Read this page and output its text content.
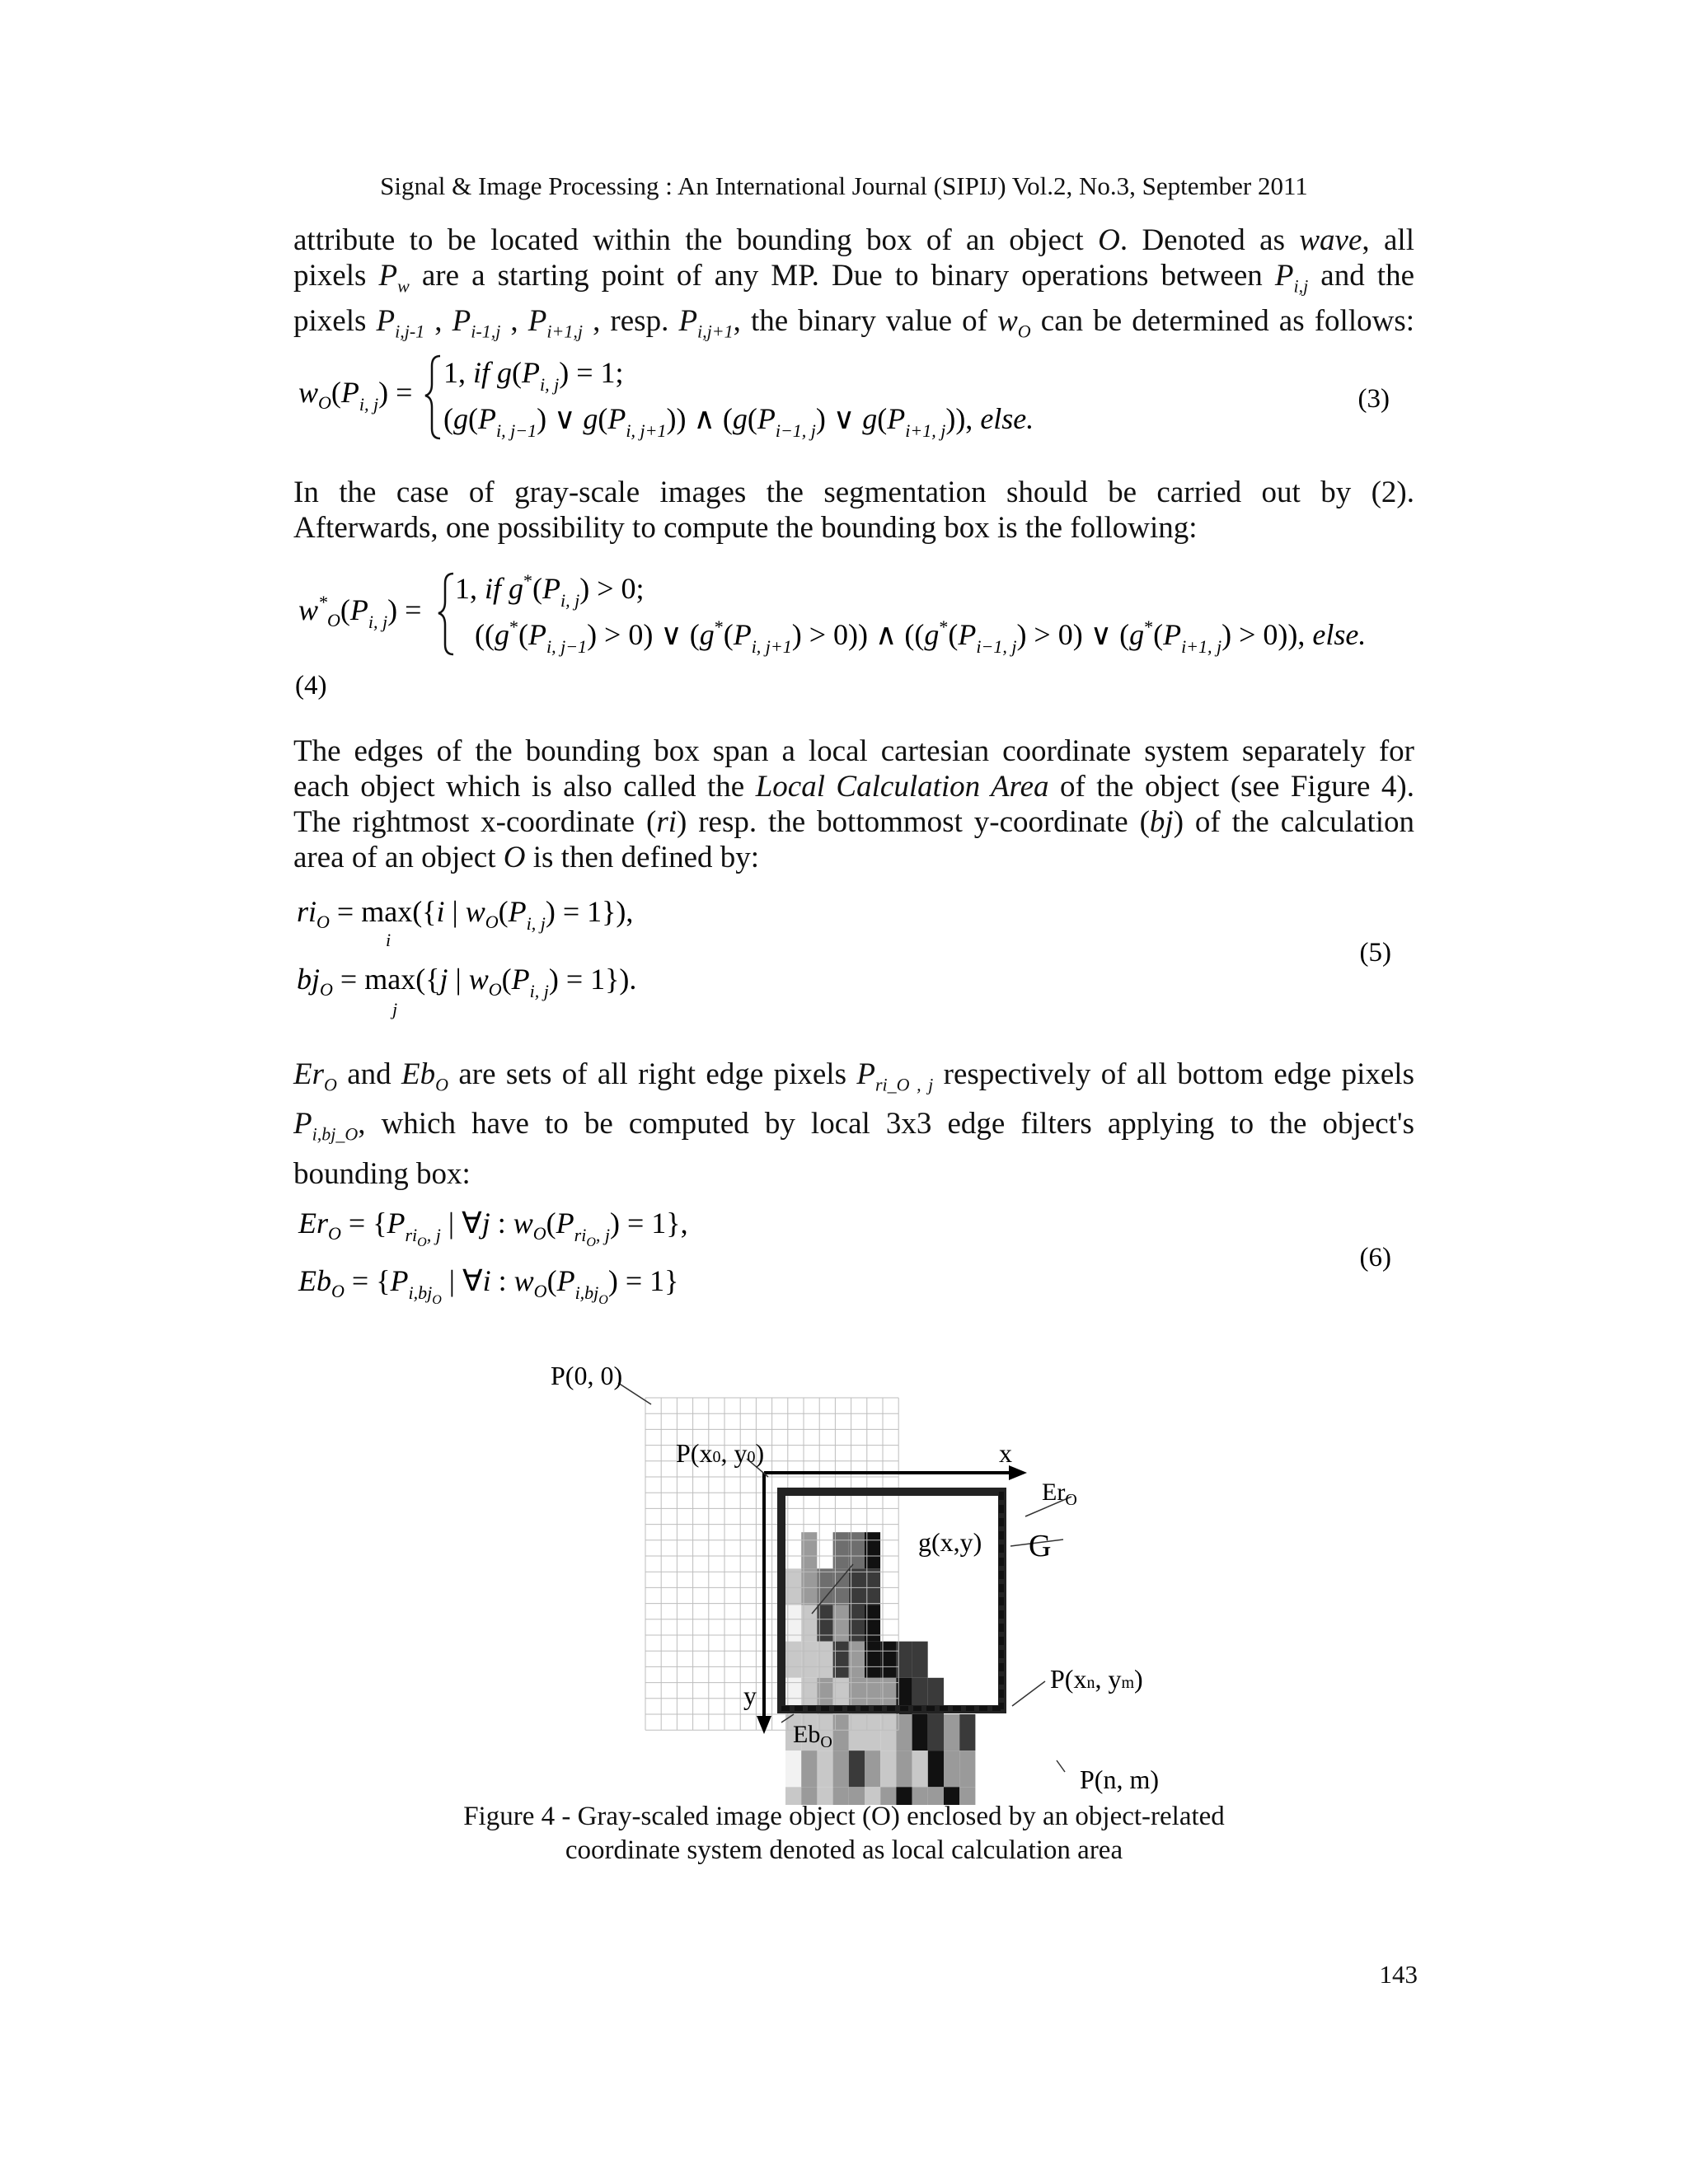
Signal & Image Processing : An International Journal (SIPIJ) Vol.2, No.3, September 2011
attribute to be located within the bounding box of an object O. Denoted as wave, all
pixels $P_w$ are a starting point of any MP. Due to binary operations between $P_{i,j}$ and the
pixels $P_{i,j-1}$ , $P_{i-1,j}$ , $P_{i+1,j}$ , resp. $P_{i,j+1}$, the binary value of $w_O$ can be determined as follows:
$w_O(P_{i, j})$ =
1, if $g(P_{i, j}) = 1$;
($g(P_{i, j-1})$ ∨ $g(P_{i, j+1})$) ∧ ($g(P_{i-1, j})$ ∨ $g(P_{i+1, j})$), else.
(3)
In the case of gray-scale images the segmentation should be carried out by (2).
Afterwards, one possibility to compute the bounding box is the following:
$w^*_O(P_{i, j})$ =
1, if $g^*(P_{i, j}) > 0$;
($(g^*(P_{i, j-1}) > 0)$ ∨ $(g^*(P_{i, j+1}) > 0)$) ∧ ($(g^*(P_{i-1, j}) > 0)$ ∨ $(g^*(P_{i+1, j}) > 0)$), else.
(4)
The edges of the bounding box span a local cartesian coordinate system separately for
each object which is also called the Local Calculation Area of the object (see Figure 4).
The rightmost x-coordinate (ri) resp. the bottommost y-coordinate (bj) of the calculation
area of an object O is then defined by:
$ri_O = \max(\{i$ | $w_O(P_{i, j}) = 1$}),
i
$bj_O = \max(\{j$ | $w_O(P_{i, j}) = 1$}).
j
(5)
$Er_O$ and $Eb_O$ are sets of all right edge pixels $P_{ri\_O , j}$ respectively of all bottom edge pixels
$P_{i,bj\_O}$, which have to be computed by local 3x3 edge filters applying to the object's
bounding box:
$Er_O = \{P_{ri}O$, j | ∀j : $w_O(P_{ri}O$, j) = 1},
$Eb_O = \{P_{i,bj}O$ | ∀i : $w_O(P_{i,bj}O) = 1$}
(6)
P(0, 0)
P(x0, y0)	x
y
$Er_O$
G
g(x,y)
P(xn, ym)
$Eb_O$
P(n, m)
Figure 4 - Gray-scaled image object (O) enclosed by an object-related
coordinate system denoted as local calculation area
143
